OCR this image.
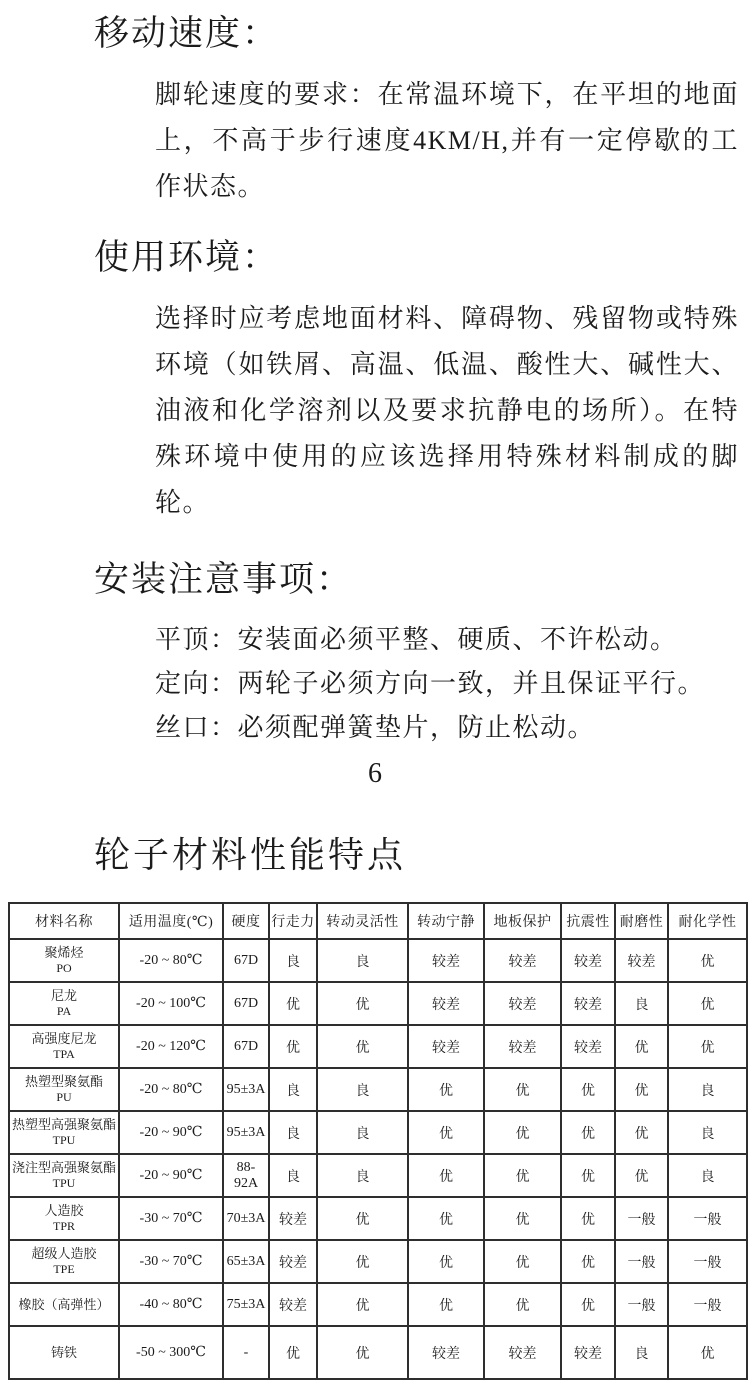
移动速度：

脚轮速度的要求：在常温环境下，在平坦的地面上，不高于步行速度4KM/H,并有一定停歇的工作状态。

使用环境：

选择时应考虑地面材料、障碍物、残留物或特殊环境（如铁屑、高温、低温、酸性大、碱性大、油液和化学溶剂以及要求抗静电的场所）。在特殊环境中使用的应该选择用特殊材料制成的脚轮。

安装注意事项：

平顶：安装面必须平整、硬质、不许松动。

定向：两轮子必须方向一致，并且保证平行。

丝口：必须配弹簧垫片，防止松动。

6
轮子材料性能特点
材料名称	适用温度(℃)	硬度	行走力	转动灵活性	转动宁静	地板保护	抗震性	耐磨性	耐化学性

聚烯烃
PO	-20 ~ 80℃	67D	良	良	较差	较差	较差	较差	优

尼龙
PA	-20 ~ 100℃	67D	优	优	较差	较差	较差	良	优

高强度尼龙
TPA	-20 ~ 120℃	67D	优	优	较差	较差	较差	优	优

热塑型聚氨酯
PU	-20 ~ 80℃	95±3A	良	良	优	优	优	优	良

热塑型高强聚氨酯
TPU	-20 ~ 90℃	95±3A	良	良	优	优	优	优	良

浇注型高强聚氨酯
TPU	-20 ~ 90℃	88-92A	良	良	优	优	优	优	良

人造胶
TPR	-30 ~ 70℃	70±3A	较差	优	优	优	优	一般	一般

超级人造胶
TPE	-30 ~ 70℃	65±3A	较差	优	优	优	优	一般	一般

橡胶（高弹性）	-40 ~ 80℃	75±3A	较差	优	优	优	优	一般	一般

铸铁	-50 ~ 300℃	-	优	优	较差	较差	较差	良	优
